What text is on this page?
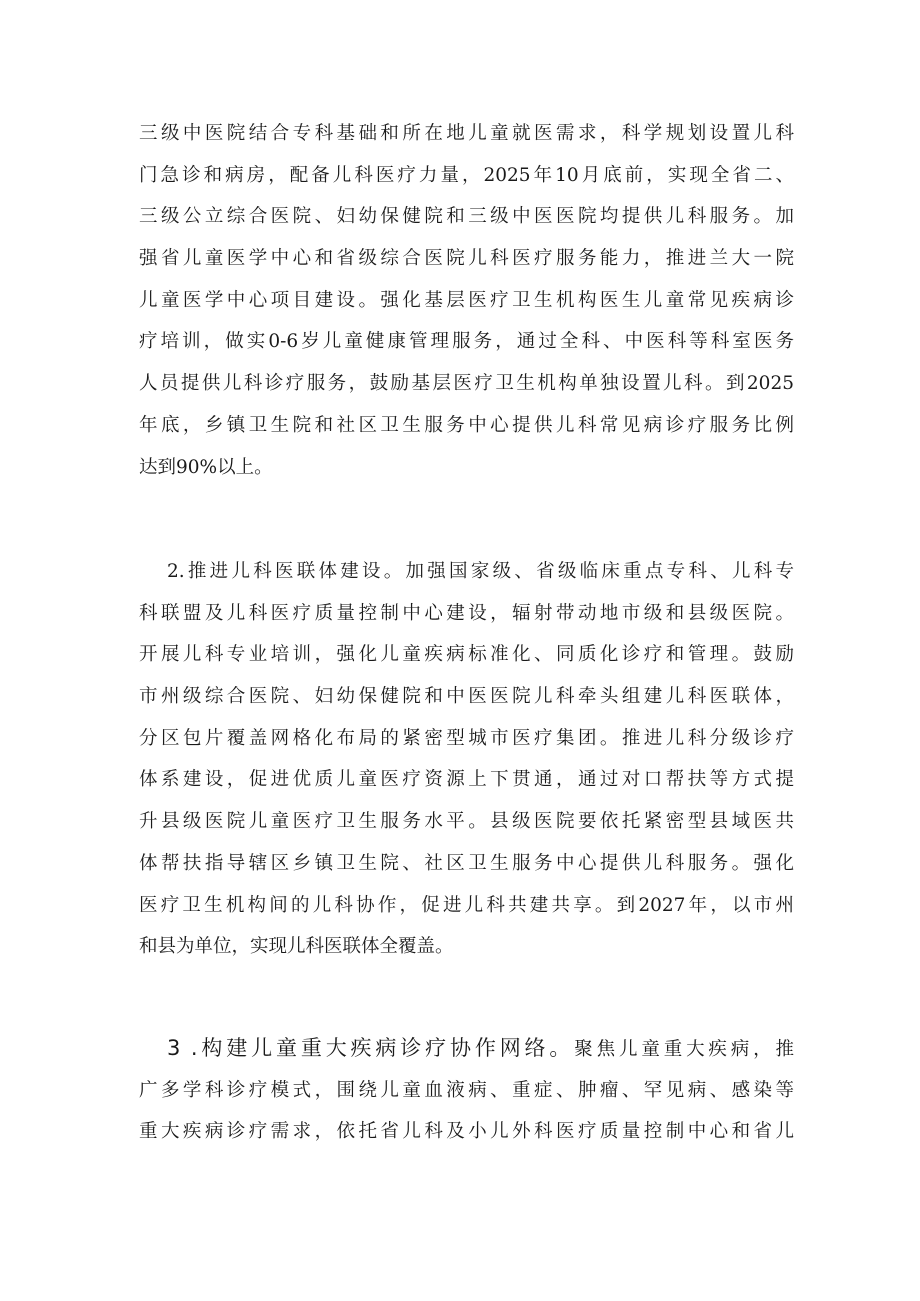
三级中医院结合专科基础和所在地儿童就医需求，科学规划设置儿科
门急诊和病房，配备儿科医疗力量，2025年10月底前，实现全省二、
三级公立综合医院、妇幼保健院和三级中医医院均提供儿科服务。加
强省儿童医学中心和省级综合医院儿科医疗服务能力，推进兰大一院
儿童医学中心项目建设。强化基层医疗卫生机构医生儿童常见疾病诊
疗培训，做实0-6岁儿童健康管理服务，通过全科、中医科等科室医务
人员提供儿科诊疗服务，鼓励基层医疗卫生机构单独设置儿科。到2025
年底，乡镇卫生院和社区卫生服务中心提供儿科常见病诊疗服务比例
达到90%以上。
2.推进儿科医联体建设。加强国家级、省级临床重点专科、儿科专
科联盟及儿科医疗质量控制中心建设，辐射带动地市级和县级医院。
开展儿科专业培训，强化儿童疾病标准化、同质化诊疗和管理。鼓励
市州级综合医院、妇幼保健院和中医医院儿科牵头组建儿科医联体，
分区包片覆盖网格化布局的紧密型城市医疗集团。推进儿科分级诊疗
体系建设，促进优质儿童医疗资源上下贯通，通过对口帮扶等方式提
升县级医院儿童医疗卫生服务水平。县级医院要依托紧密型县域医共
体帮扶指导辖区乡镇卫生院、社区卫生服务中心提供儿科服务。强化
医疗卫生机构间的儿科协作，促进儿科共建共享。到2027年，以市州
和县为单位，实现儿科医联体全覆盖。
3 .构建儿童重大疾病诊疗协作网络。聚焦儿童重大疾病，推
广多学科诊疗模式，围绕儿童血液病、重症、肿瘤、罕见病、感染等
重大疾病诊疗需求，依托省儿科及小儿外科医疗质量控制中心和省儿
